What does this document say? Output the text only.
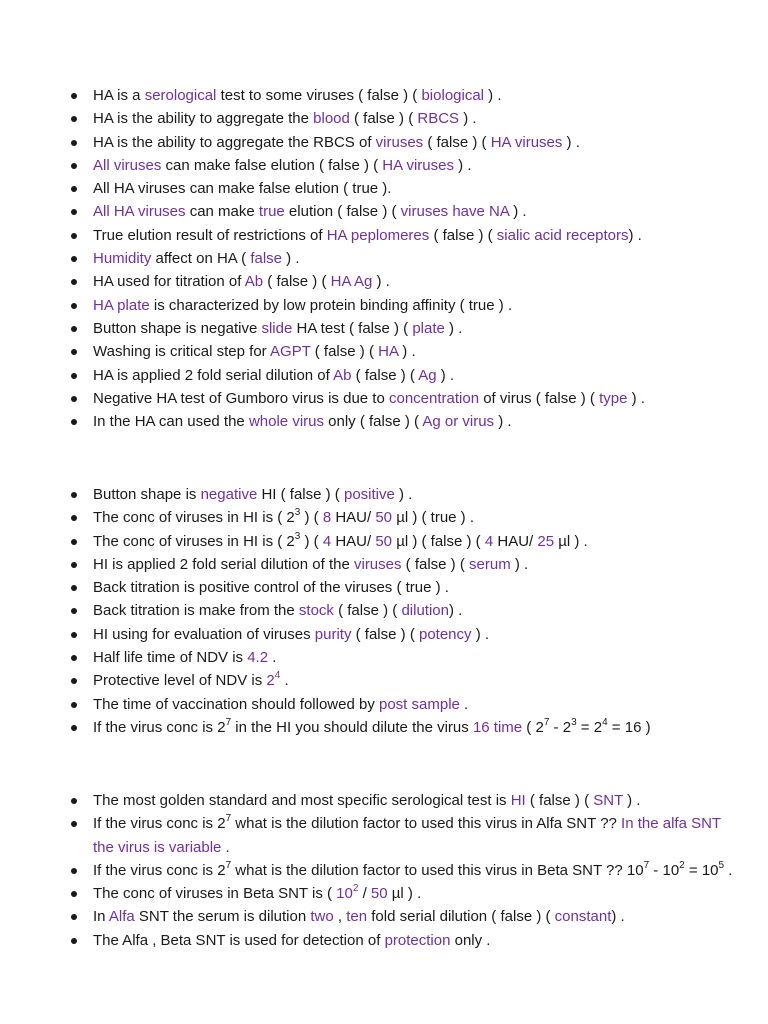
HA is a serological test to some viruses ( false ) ( biological ) .
HA is the ability to aggregate the blood ( false ) ( RBCS ) .
HA is the ability to aggregate the RBCS of viruses ( false ) ( HA viruses ) .
All viruses can make false elution ( false ) ( HA viruses ) .
All HA viruses can make false elution ( true ).
All HA viruses can make true elution ( false ) ( viruses have NA ) .
True elution result of restrictions of HA peplomeres ( false ) ( sialic acid receptors) .
Humidity affect on HA ( false ) .
HA used for titration of Ab ( false ) ( HA Ag ) .
HA plate is characterized by low protein binding affinity ( true ) .
Button shape is negative slide HA test ( false ) ( plate ) .
Washing is critical step for AGPT ( false ) ( HA ) .
HA is applied 2 fold serial dilution of Ab ( false ) ( Ag ) .
Negative HA test of Gumboro virus is due to concentration of virus ( false ) ( type ) .
In the HA can used the whole virus only ( false ) ( Ag or virus ) .
Button shape is negative HI ( false ) ( positive ) .
The conc of viruses in HI is ( $2^3$ ) ( 8 HAU/ 50 µl ) ( true ) .
The conc of viruses in HI is ( $2^3$ ) ( 4 HAU/ 50 µl ) ( false ) ( 4 HAU/ 25 µl ) .
HI is applied 2 fold serial dilution of the viruses ( false ) ( serum ) .
Back titration is positive control of the viruses ( true ) .
Back titration is make from the stock ( false ) ( dilution) .
HI using for evaluation of viruses purity ( false ) ( potency ) .
Half life time of NDV is 4.2 .
Protective level of NDV is $2^4$ .
The time of vaccination should followed by post sample .
If the virus conc is $2^7$ in the HI you should dilute the virus 16 time ( $2^7 - 2^3 = 2^4 = 16$ )
The most golden standard and most specific serological test is HI ( false ) ( SNT ) .
If the virus conc is $2^7$ what is the dilution factor to used this virus in Alfa SNT ?? In the alfa SNT the virus is variable .
If the virus conc is $2^7$ what is the dilution factor to used this virus in Beta SNT ?? $10^7 - 10^2 = 10^5$ .
The conc of viruses in Beta SNT is ( $10^2 / 50$ µl ) .
In Alfa SNT the serum is dilution two , ten fold serial dilution ( false ) ( constant) .
The Alfa , Beta SNT is used for detection of protection only .
